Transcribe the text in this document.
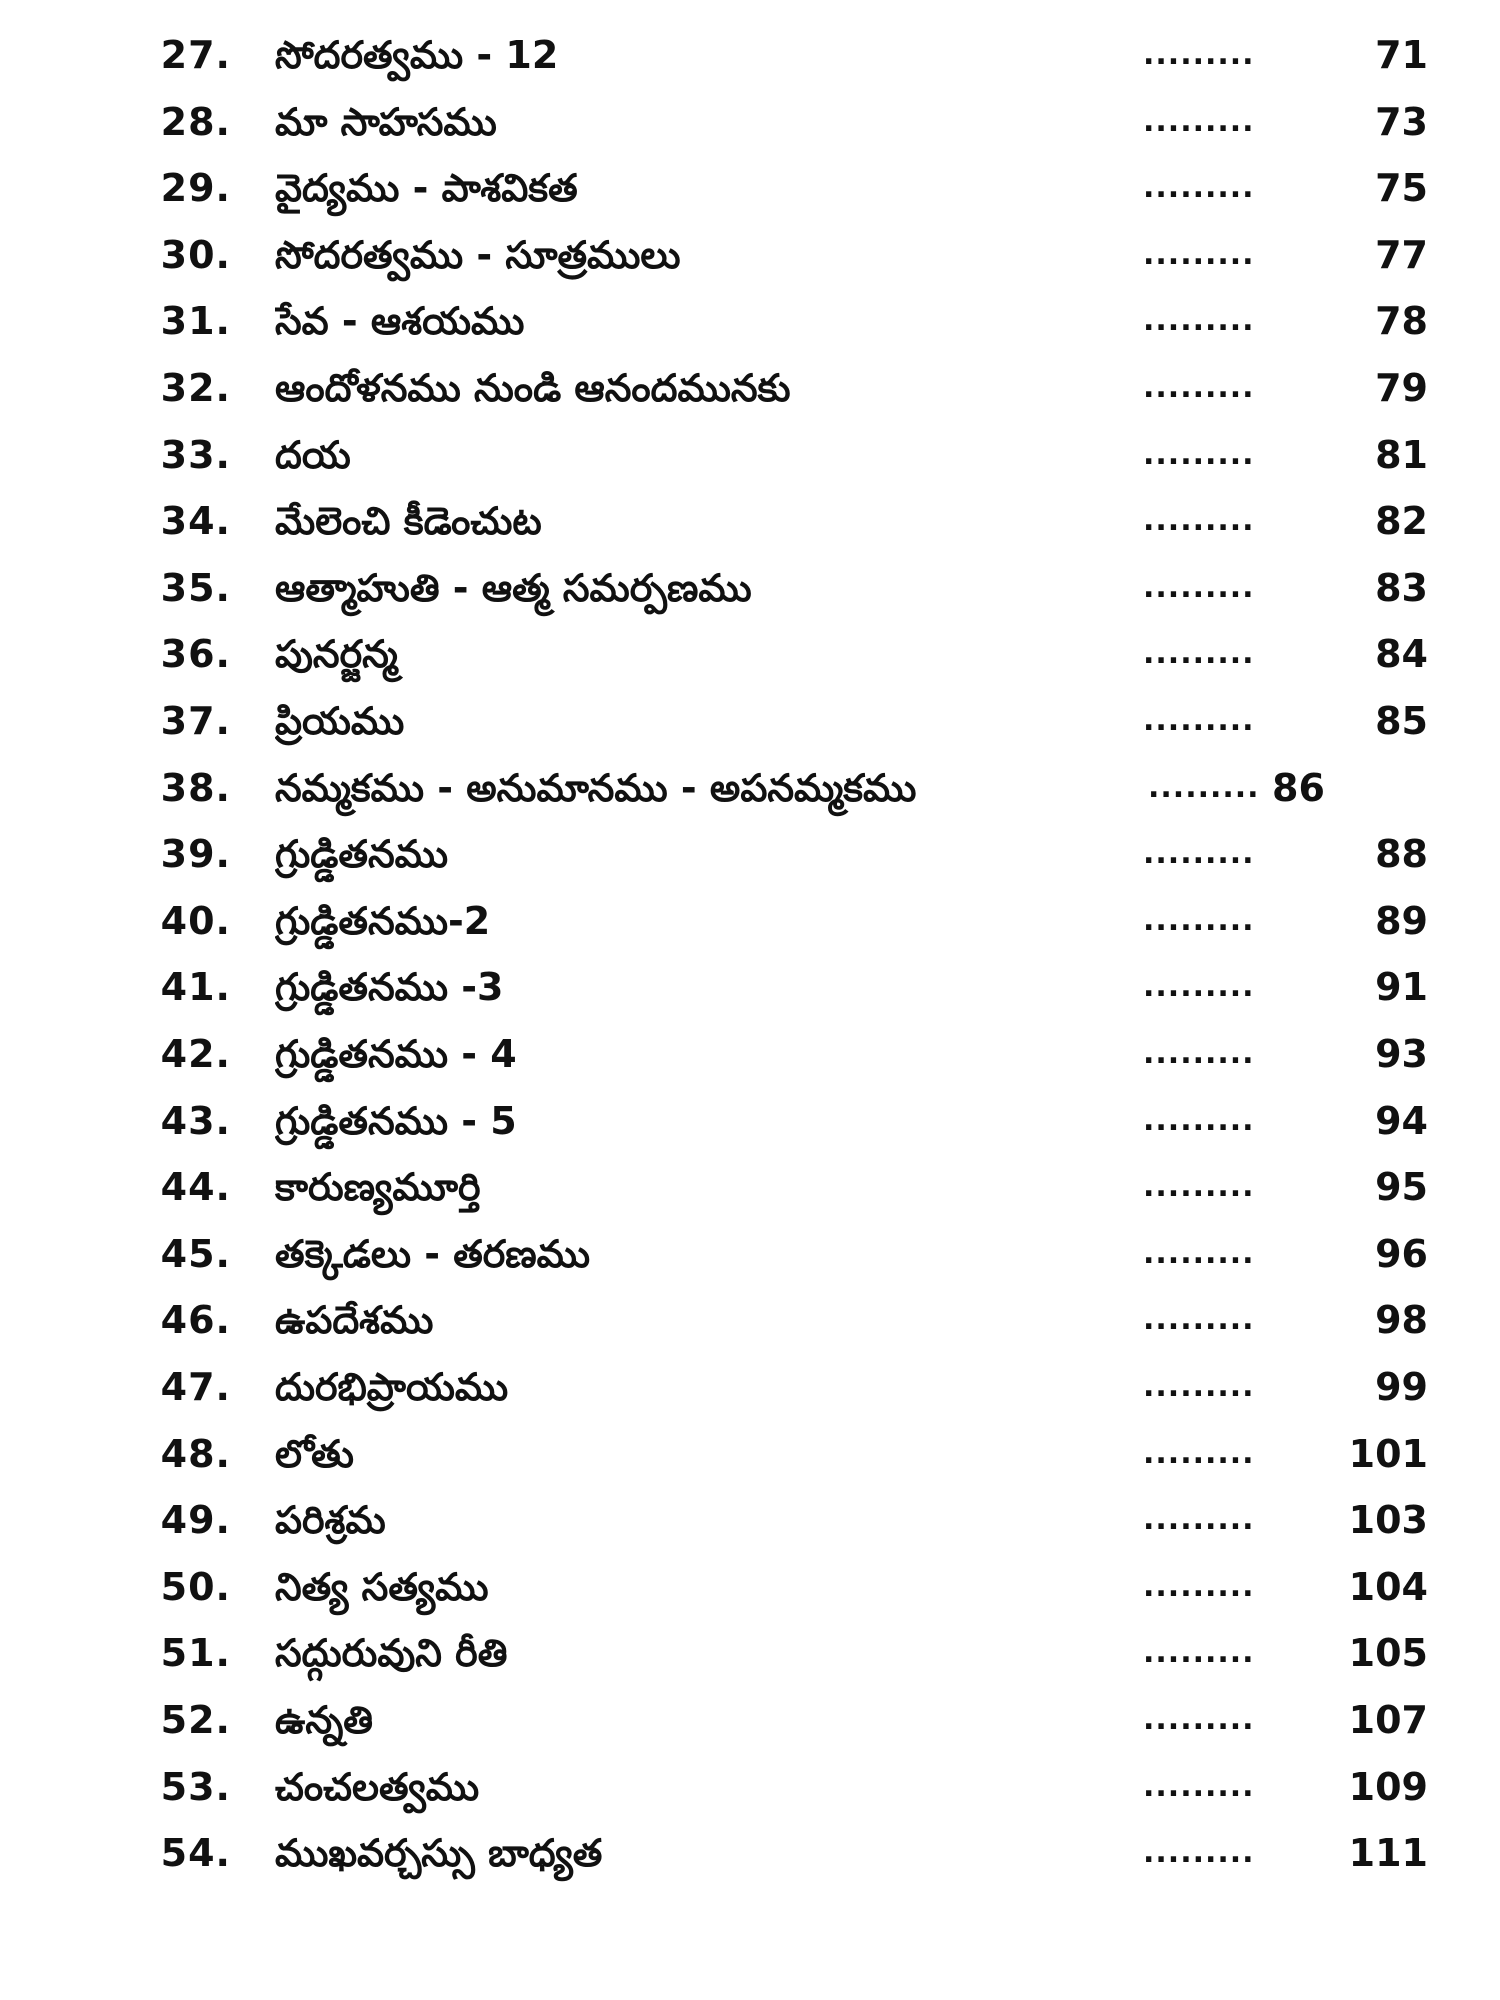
27. సోదరత్వము - 12	.........	71
28. మా సాహసము	.........	73
29. వైద్యము - పాశవికత	.........	75
30. సోదరత్వము - సూత్రములు	.........	77
31. సేవ - ఆశయము	.........	78
32. ఆందోళనము నుండి ఆనందమునకు	.........	79
33. దయ	.........	81
34. మేలెంచి కీడెంచుట	.........	82
35. ఆత్మాహుతి - ఆత్మ సమర్పణము	.........	83
36. పునర్జన్మ	.........	84
37. ప్రియము	.........	85
38. నమ్మకము - అనుమానము - అపనమ్మకము	......... 86
39. గ్రుడ్డితనము	.........	88
40. గ్రుడ్డితనము-2	.........	89
41. గ్రుడ్డితనము -3	.........	91
42. గ్రుడ్డితనము - 4	.........	93
43. గ్రుడ్డితనము - 5	.........	94
44. కారుణ్యమూర్తి	.........	95
45. తక్కెడలు - తరణము	.........	96
46. ఉపదేశము	.........	98
47. దురభిప్రాయము	.........	99
48. లోతు	.........	101
49. పరిశ్రమ	.........	103
50. నిత్య సత్యము	.........	104
51. సద్గురువుని రీతి	.........	105
52. ఉన్నతి	.........	107
53. చంచలత్వము	.........	109
54. ముఖవర్చస్సు బాధ్యత	.........	111
